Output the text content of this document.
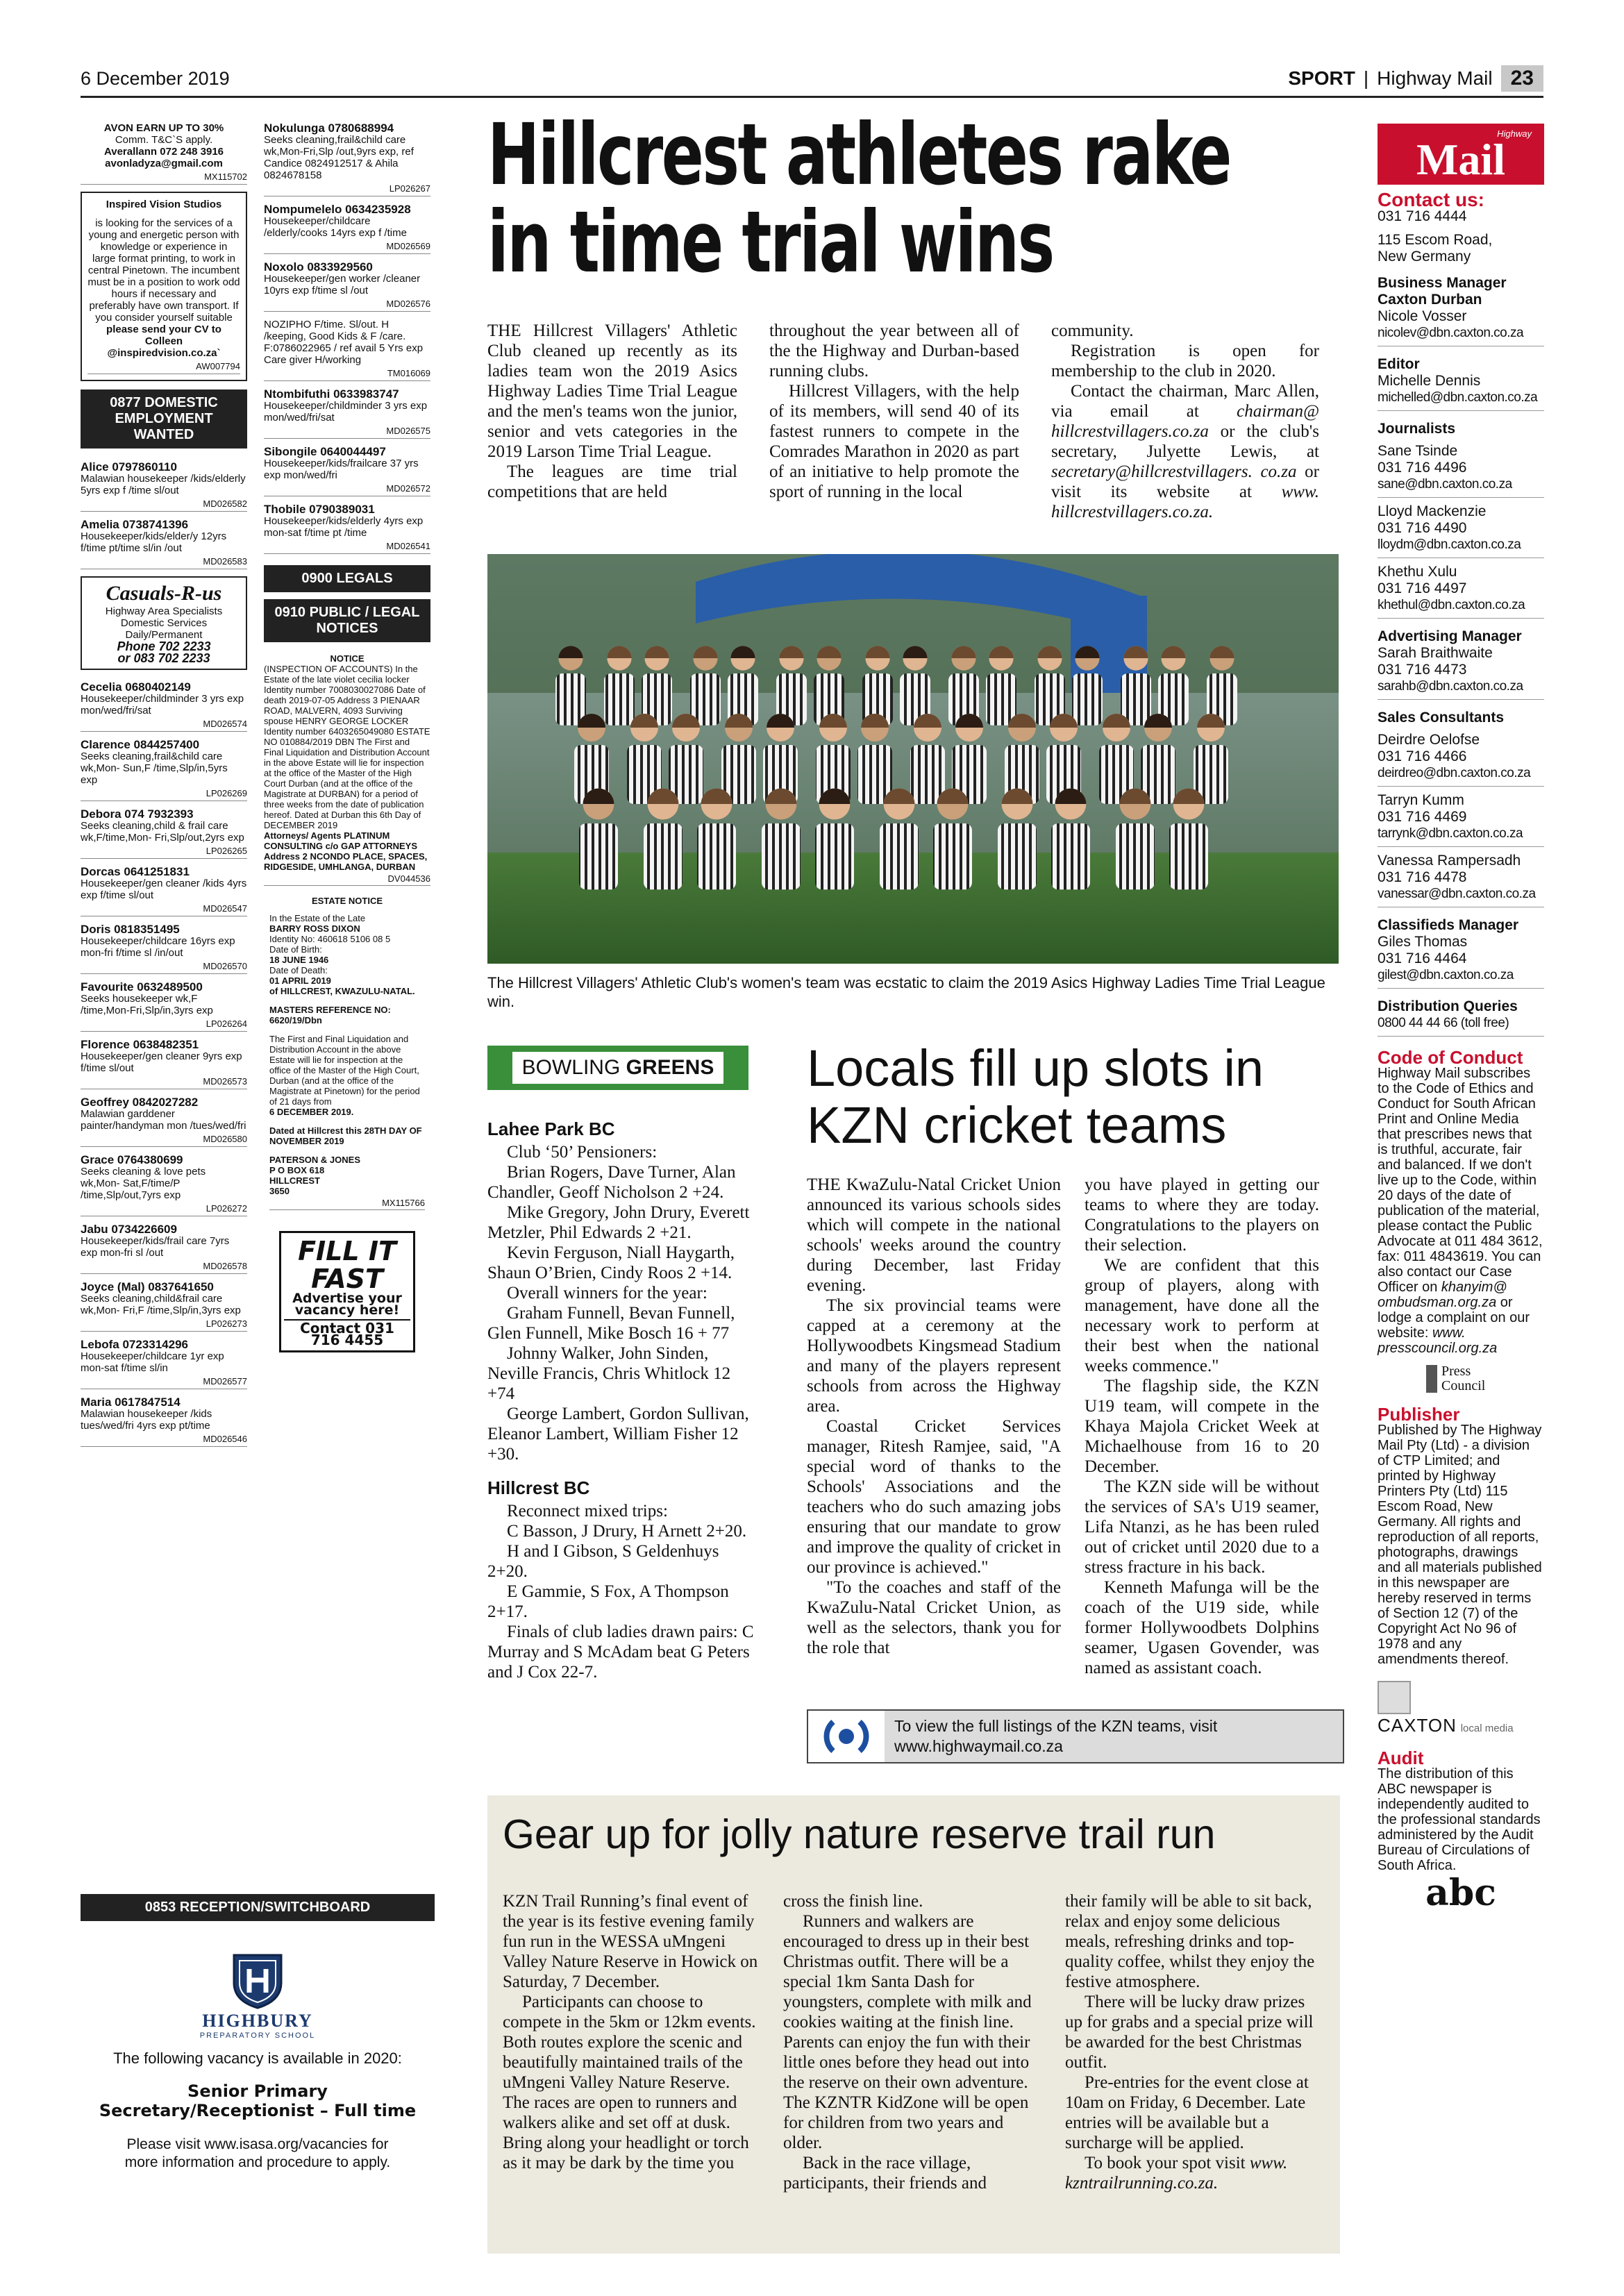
6 December 2019	SPORT | Highway Mail 23
AVON EARN UP TO 30%
Comm. T&C`S apply.
Averallann 072 248 3916
avonladyza@gmail.com
MX115702
Inspired Vision Studios
is looking for the services of a young and energetic person with knowledge or experience in large format printing, to work in central Pinetown. The incumbent must be in a position to work odd hours if necessary and preferably have own transport. If you consider yourself suitable
please send your CV to Colleen @inspiredvision.co.za`
AW007794
0877 DOMESTIC EMPLOYMENT WANTED
Alice 0797860110
Malawian housekeeper /kids/elderly 5yrs exp f /time sl/out
MD026582
Amelia 0738741396
Housekeeper/kids/elder/y 12yrs f/time pt/time sl/in /out
MD026583
Casuals-R-us
Highway Area Specialists
Domestic Services
Daily/Permanent
Phone 702 2233
or 083 702 2233
Cecelia 0680402149
Housekeeper/childminder 3 yrs exp mon/wed/fri/sat
MD026574
Clarence 0844257400
Seeks cleaning,frail&child care wk,Mon- Sun,F /time,Slp/in,5yrs exp
LP026269
Debora 074 7932393
Seeks cleaning,child & frail care wk,F/time,Mon- Fri,Slp/out,2yrs exp
LP026265
Dorcas 0641251831
Housekeeper/gen cleaner /kids 4yrs exp f/time sl/out
MD026547
Doris 0818351495
Housekeeper/childcare 16yrs exp mon-fri f/time sl /in/out
MD026570
Favourite 0632489500
Seeks housekeeper wk,F /time,Mon-Fri,Slp/in,3yrs exp
LP026264
Florence 0638482351
Housekeeper/gen cleaner 9yrs exp f/time sl/out
MD026573
Geoffrey 0842027282
Malawian garddener painter/handyman mon /tues/wed/fri
MD026580
Grace 0764380699
Seeks cleaning & love pets wk,Mon- Sat,F/time/P /time,Slp/out,7yrs exp
LP026272
Jabu 0734226609
Housekeeper/kids/frail care 7yrs exp mon-fri sl /out
MD026578
Joyce (Mal) 0837641650
Seeks cleaning,child&frail care wk,Mon- Fri,F /time,Slp/in,3yrs exp
LP026273
Lebofa 0723314296
Housekeeper/childcare 1yr exp mon-sat f/time sl/in
MD026577
Maria 0617847514
Malawian housekeeper /kids tues/wed/fri 4yrs exp pt/time
MD026546
Nokulunga 0780688994
Seeks cleaning,frail&child care wk,Mon-Fri,Slp /out,9yrs exp, ref Candice 0824912517 & Ahila 0824678158
LP026267
Nompumelelo 0634235928
Housekeeper/childcare /elderly/cooks 14yrs exp f /time
MD026569
Noxolo 0833929560
Housekeeper/gen worker /cleaner 10yrs exp f/time sl /out
MD026576
NOZIPHO F/time. Sl/out. H /keeping, Good Kids & F /care. F:0786022965 / ref avail 5 Yrs exp Care giver H/working
TM016069
Ntombifuthi 0633983747
Housekeeper/childminder 3 yrs exp mon/wed/fri/sat
MD026575
Sibongile 0640044497
Housekeeper/kids/frailcare 37 yrs exp mon/wed/fri
MD026572
Thobile 0790389031
Housekeeper/kids/elderly 4yrs exp mon-sat f/time pt /time
MD026541
0900 LEGALS
0910 PUBLIC / LEGAL NOTICES
NOTICE
(INSPECTION OF ACCOUNTS) In the Estate of the late violet cecilia locker Identity number 7008030027086 Date of death 2019-07-05 Address 3 PIENAAR ROAD, MALVERN, 4093 Surviving spouse HENRY GEORGE LOCKER Identity number 6403265049080 ESTATE NO 010884/2019 DBN The First and Final Liquidation and Distribution Account in the above Estate will lie for inspection at the office of the Master of the High Court Durban (and at the office of the Magistrate at DURBAN) for a period of three weeks from the date of publication hereof. Dated at Durban this 6th Day of DECEMBER 2019
Attorneys/ Agents PLATINUM CONSULTING c/o GAP ATTORNEYS Address 2 NCONDO PLACE, SPACES, RIDGESIDE, UMHLANGA, DURBAN
DV044536
ESTATE NOTICE
In the Estate of the Late
BARRY ROSS DIXON
Identity No: 460618 5106 08 5
Date of Birth:
18 JUNE 1946
Date of Death:
01 APRIL 2019
of HILLCREST, KWAZULU-NATAL.
MASTERS REFERENCE NO: 6620/19/Dbn
The First and Final Liquidation and Distribution Account in the above Estate will lie for inspection at the office of the Master of the High Court, Durban (and at the office of the Magistrate at Pinetown) for the period of 21 days from
6 DECEMBER 2019.
Dated at Hillcrest this 28TH DAY OF NOVEMBER 2019
PATERSON & JONES
P O BOX 618
HILLCREST
3650
MX115766
FILL IT
FAST
Advertise your vacancy here!
Contact 031 716 4455
0853 RECEPTION/SWITCHBOARD
HIGHBURY
PREPARATORY SCHOOL
The following vacancy is available in 2020:
Senior Primary
Secretary/Receptionist – Full time
Please visit www.isasa.org/vacancies for more information and procedure to apply.
Hillcrest athletes rake
in time trial wins

THE Hillcrest Villagers' Athletic Club cleaned up recently as its ladies team won the 2019 Asics Highway Ladies Time Trial League and the men's teams won the junior, senior and vets categories in the 2019 Larson Time Trial League.

The leagues are time trial competitions that are held

throughout the year between all of the the Highway and Durban-based running clubs.

Hillcrest Villagers, with the help of its members, will send 40 of its fastest runners to compete in the Comrades Marathon in 2020 as part of an initiative to help promote the sport of running in the local

community.

Registration is open for membership to the club in 2020.

Contact the chairman, Marc Allen, via email at chairman@ hillcrestvillagers.co.za or the club's secretary, Julyette Lewis, at secretary@hillcrestvillagers. co.za or visit its website at www. hillcrestvillagers.co.za.

The Hillcrest Villagers' Athletic Club's women's team was ecstatic to claim the 2019 Asics Highway Ladies Time Trial League win.
BOWLING GREENS
Lahee Park BC

Club ‘50’ Pensioners:

Brian Rogers, Dave Turner, Alan Chandler, Geoff Nicholson 2 +24.

Mike Gregory, John Drury, Everett Metzler, Phil Edwards 2 +21.

Kevin Ferguson, Niall Haygarth, Shaun O’Brien, Cindy Roos 2 +14.

Overall winners for the year:

Graham Funnell, Bevan Funnell, Glen Funnell, Mike Bosch 16 + 77

Johnny Walker, John Sinden, Neville Francis, Chris Whitlock 12 +74

George Lambert, Gordon Sullivan, Eleanor Lambert, William Fisher 12 +30.

Hillcrest BC

Reconnect mixed trips:

C Basson, J Drury, H Arnett 2+20.

H and I Gibson, S Geldenhuys 2+20.

E Gammie, S Fox, A Thompson 2+17.

Finals of club ladies drawn pairs: C Murray and S McAdam beat G Peters and J Cox 22-7.

Locals fill up slots in
KZN cricket teams

THE KwaZulu-Natal Cricket Union announced its various schools sides which will compete in the national schools' weeks around the country during December, last Friday evening.

The six provincial teams were capped at a ceremony at the Hollywoodbets Kingsmead Stadium and many of the players represent schools from across the Highway area.

Coastal Cricket Services manager, Ritesh Ramjee, said, "A special word of thanks to the Schools' Associations and the teachers who do such amazing jobs ensuring that our mandate to grow and improve the quality of cricket in our province is achieved."

"To the coaches and staff of the KwaZulu-Natal Cricket Union, as well as the selectors, thank you for the role that

you have played in getting our teams to where they are today. Congratulations to the players on their selection.

We are confident that this group of players, along with management, have done all the necessary work to perform at their best when the national weeks commence."

The flagship side, the KZN U19 team, will compete in the Khaya Majola Cricket Week at Michaelhouse from 16 to 20 December.

The KZN side will be without the services of SA's U19 seamer, Lifa Ntanzi, as he has been ruled out of cricket until 2020 due to a stress fracture in his back.

Kenneth Mafunga will be the coach of the U19 side, while former Hollywoodbets Dolphins seamer, Ugasen Govender, was named as assistant coach.

To view the full listings of the KZN teams, visit
www.highwaymail.co.za
Gear up for jolly nature reserve trail run

KZN Trail Running’s final event of the year is its festive evening family fun run in the WESSA uMngeni Valley Nature Reserve in Howick on Saturday, 7 December.

Participants can choose to compete in the 5km or 12km events. Both routes explore the scenic and beautifully maintained trails of the uMngeni Valley Nature Reserve. The races are open to runners and walkers alike and set off at dusk. Bring along your headlight or torch as it may be dark by the time you

cross the finish line.

Runners and walkers are encouraged to dress up in their best Christmas outfit. There will be a special 1km Santa Dash for youngsters, complete with milk and cookies waiting at the finish line. Parents can enjoy the fun with their little ones before they head out into the reserve on their own adventure. The KZNTR KidZone will be open for children from two years and older.

Back in the race village, participants, their friends and

their family will be able to sit back, relax and enjoy some delicious meals, refreshing drinks and top-quality coffee, whilst they enjoy the festive atmosphere.

There will be lucky draw prizes up for grabs and a special prize will be awarded for the best Christmas outfit.

Pre-entries for the event close at 10am on Friday, 6 December. Late entries will be available but a surcharge will be applied.

To book your spot visit www. kzntrailrunning.co.za.

Highway
Mail
Contact us:
031 716 4444
115 Escom Road,
New Germany
Business Manager Caxton Durban
Nicole Vosser
nicolev@dbn.caxton.co.za
Editor
Michelle Dennis
michelled@dbn.caxton.co.za
Journalists
Sane Tsinde
031 716 4496
sane@dbn.caxton.co.za
Lloyd Mackenzie
031 716 4490
lloydm@dbn.caxton.co.za
Khethu Xulu
031 716 4497
khethul@dbn.caxton.co.za
Advertising Manager
Sarah Braithwaite
031 716 4473
sarahb@dbn.caxton.co.za
Sales Consultants
Deirdre Oelofse
031 716 4466
deirdreo@dbn.caxton.co.za
Tarryn Kumm
031 716 4469
tarrynk@dbn.caxton.co.za
Vanessa Rampersadh
031 716 4478
vanessar@dbn.caxton.co.za
Classifieds Manager
Giles Thomas
031 716 4464
gilest@dbn.caxton.co.za
Distribution Queries
0800 44 44 66 (toll free)
Code of Conduct
Highway Mail subscribes to the Code of Ethics and Conduct for South African Print and Online Media that prescribes news that is truthful, accurate, fair and balanced. If we don't live up to the Code, within 20 days of the date of publication of the material, please contact the Public Advocate at 011 484 3612, fax: 011 4843619. You can also contact our Case Officer on khanyim@ ombudsman.org.za or lodge a complaint on our website: www. presscouncil.org.za
Press
Council
Publisher
Published by The Highway Mail Pty (Ltd) - a division of CTP Limited; and printed by Highway Printers Pty (Ltd) 115 Escom Road, New Germany. All rights and reproduction of all reports, photographs, drawings and all materials published in this newspaper are hereby reserved in terms of Section 12 (7) of the Copyright Act No 96 of 1978 and any amendments thereof.
CAXTON local media
Audit
The distribution of this ABC newspaper is independently audited to the professional standards administered by the Audit Bureau of Circulations of South Africa.
abc
